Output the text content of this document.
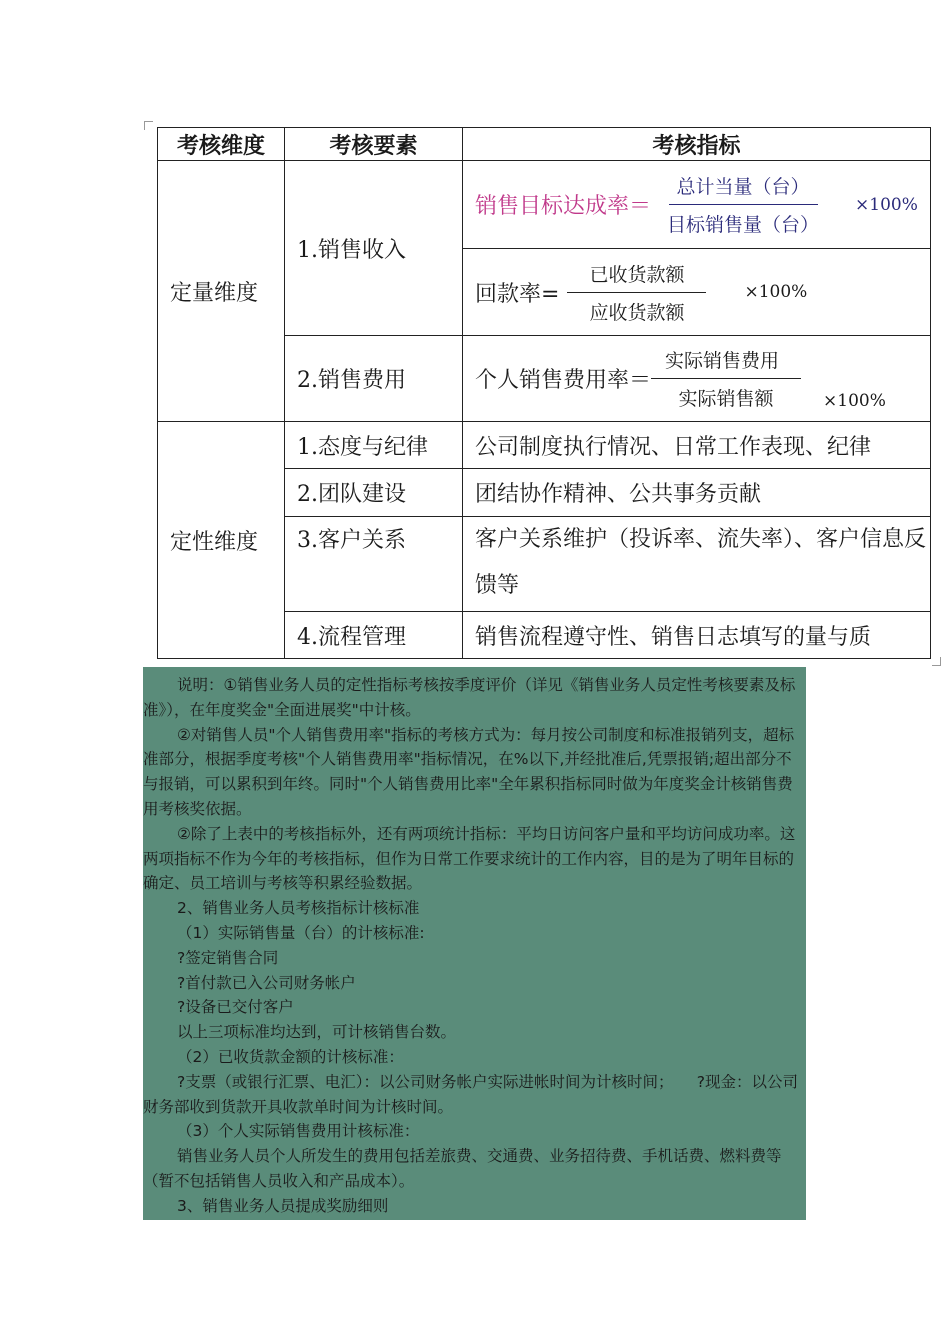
考核维度	考核要素	考核指标
定量维度	1.销售收入	销售目标达成率＝ $\frac{\text{总计当量（台）}}{\text{目标销售量（台）}} \times 100\%$

		回款率= $\frac{\text{已收货款额}}{\text{应收货款额}} \times 100\%$

	2.销售费用	个人销售费用率＝ $\frac{\text{实际销售费用}}{\text{实际销售额}} \times 100\%$

定性维度	1.态度与纪律	公司制度执行情况、日常工作表现、纪律
	2.团队建设	团结协作精神、公共事务贡献
	3.客户关系	客户关系维护（投诉率、流失率）、客户信息反馈等
	4.流程管理	销售流程遵守性、销售日志填写的量与质

说明：①销售业务人员的定性指标考核按季度评价（详见《销售业务人员定性考核要素及标准》），在年度奖金"全面进展奖"中计核。

②对销售人员"个人销售费用率"指标的考核方式为：每月按公司制度和标准报销列支，超标准部分，根据季度考核"个人销售费用率"指标情况，在%以下,并经批准后,凭票报销;超出部分不与报销，可以累积到年终。同时"个人销售费用比率"全年累积指标同时做为年度奖金计核销售费用考核奖依据。

②除了上表中的考核指标外，还有两项统计指标：平均日访问客户量和平均访问成功率。这两项指标不作为今年的考核指标，但作为日常工作要求统计的工作内容，目的是为了明年目标的确定、员工培训与考核等积累经验数据。

2、销售业务人员考核指标计核标准

（1）实际销售量（台）的计核标准:

?签定销售合同

?首付款已入公司财务帐户

?设备已交付客户

以上三项标准均达到，可计核销售台数。

（2）已收货款金额的计核标准：

?支票（或银行汇票、电汇）：以公司财务帐户实际进帐时间为计核时间；　　?现金：以公司财务部收到货款开具收款单时间为计核时间。

（3）个人实际销售费用计核标准：

销售业务人员个人所发生的费用包括差旅费、交通费、业务招待费、手机话费、燃料费等（暂不包括销售人员收入和产品成本）。

3、销售业务人员提成奖励细则
